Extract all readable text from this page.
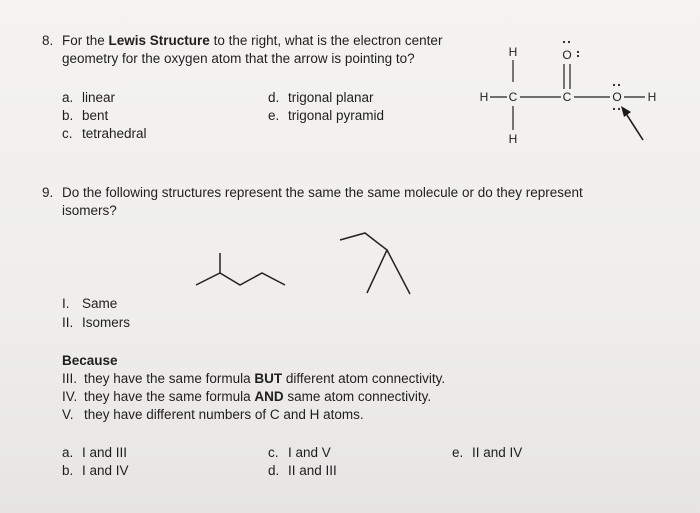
8. For the Lewis Structure to the right, what is the electron center
geometry for the oxygen atom that the arrow is pointing to?
a. linear
b. bent
c. tetrahedral
d. trigonal planar
e. trigonal pyramid
H
H C
H
C
O
O H
9. Do the following structures represent the same the same molecule or do they represent
isomers?
I. Same
II. Isomers
Because
III. they have the same formula BUT different atom connectivity.
IV. they have the same formula AND same atom connectivity.
V. they have different numbers of C and H atoms.
a. I and III
b. I and IV
c. I and V
d. II and III
e. II and IV
